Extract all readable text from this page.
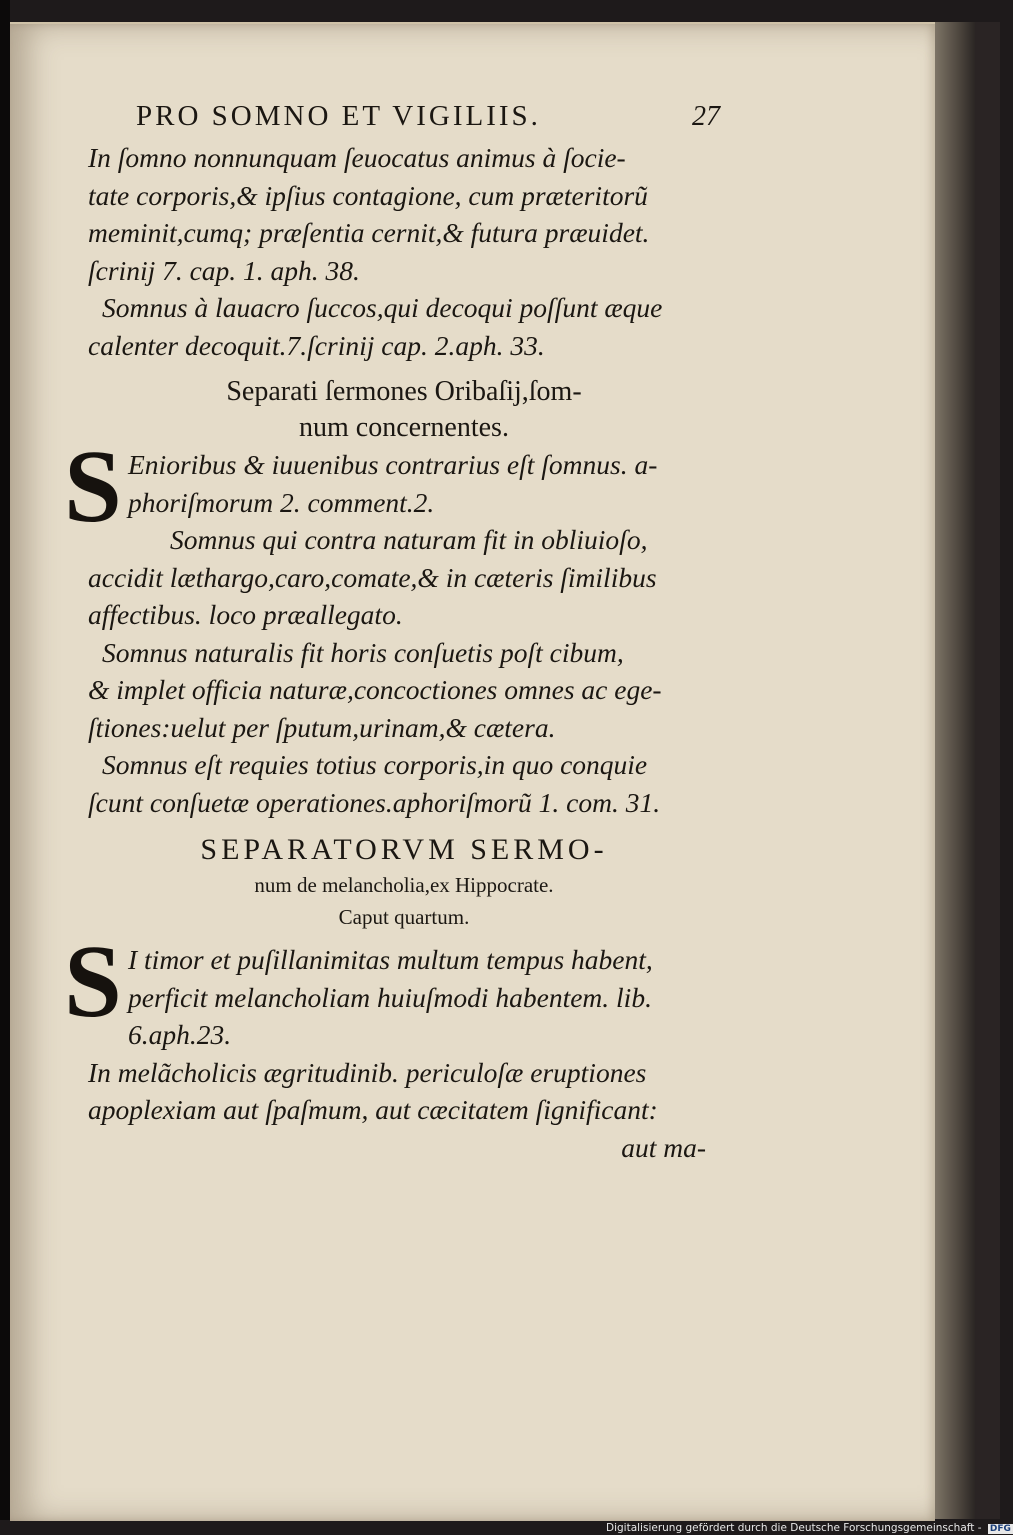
PRO SOMNO ET VIGILIIS.	27
In ſomno nonnunquam ſeuocatus animus à ſocie-
tate corporis,& ipſius contagione, cum præteritorũ
meminit,cumq; præſentia cernit,& futura præuidet.
ſcrinij 7. cap. 1. aph. 38.
Somnus à lauacro ſuccos,qui decoqui poſſunt æque
calenter decoquit.7.ſcrinij cap. 2.aph. 33.
Separati ſermones Oribaſij,ſom-
num concernentes.
S Enioribus & iuuenibus contrarius eſt ſomnus. a-
phoriſmorum 2. comment.2.
Somnus qui contra naturam fit in obliuioſo,
accidit læthargo,caro,comate,& in cæteris ſimilibus
affectibus. loco præallegato.
Somnus naturalis fit horis conſuetis poſt cibum,
& implet officia naturæ,concoctiones omnes ac ege-
ſtiones:uelut per ſputum,urinam,& cætera.
Somnus eſt requies totius corporis,in quo conquie
ſcunt conſuetæ operationes.aphoriſmorũ 1. com. 31.
SEPARATORVM SERMO-
num de melancholia,ex Hippocrate.
Caput quartum.
S I timor et puſillanimitas multum tempus habent,
perficit melancholiam huiuſmodi habentem. lib.
6.aph.23.
In melãcholicis ægritudinib. periculoſæ eruptiones
apoplexiam aut ſpaſmum, aut cæcitatem ſignificant:
aut ma-
Digitalisierung gefördert durch die Deutsche Forschungsgemeinschaft - DFG
